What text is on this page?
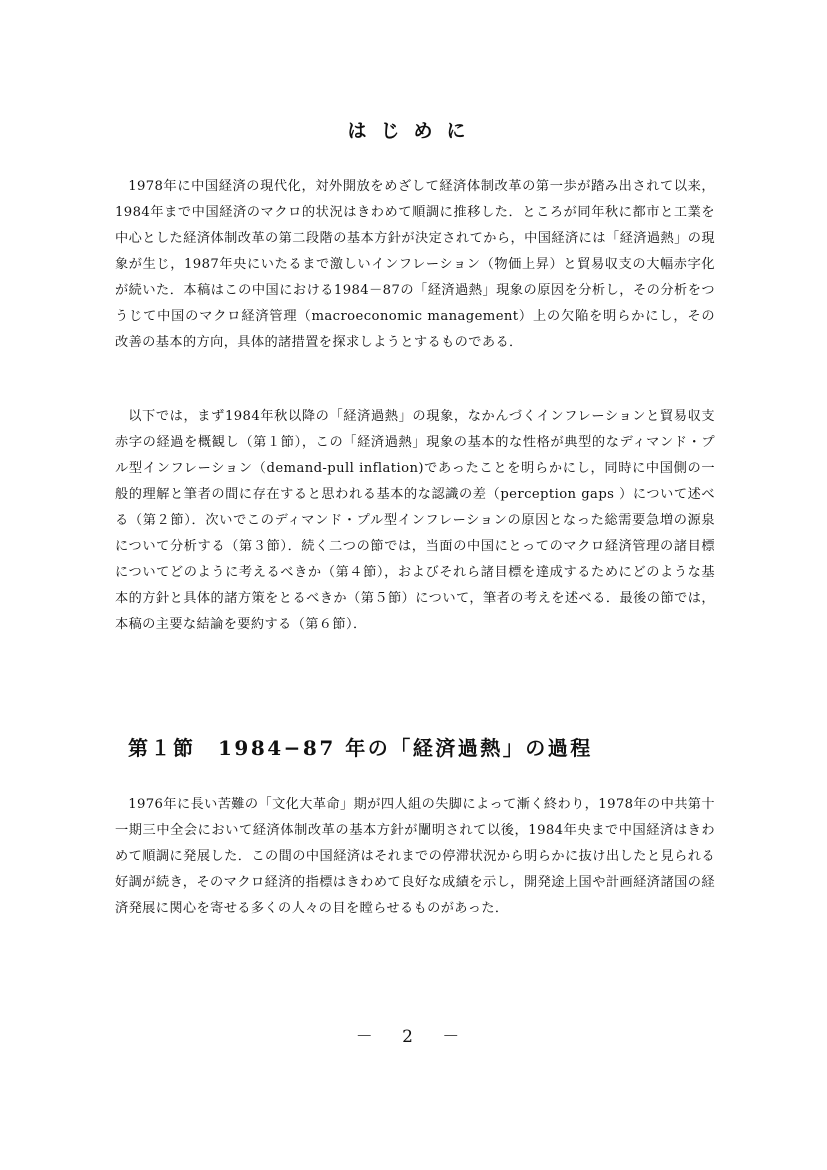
はじめに

1978年に中国経済の現代化，対外開放をめざして経済体制改革の第一歩が踏み出されて以来，1984年まで中国経済のマクロ的状況はきわめて順調に推移した．ところが同年秋に都市と工業を中心とした経済体制改革の第二段階の基本方針が決定されてから，中国経済には「経済過熱」の現象が生じ，1987年央にいたるまで激しいインフレーション（物価上昇）と貿易収支の大幅赤字化が続いた．本稿はこの中国における1984－87の「経済過熱」現象の原因を分析し，その分析をつうじて中国のマクロ経済管理（macroeconomic management）上の欠陥を明らかにし，その改善の基本的方向，具体的諸措置を探求しようとするものである．

以下では，まず1984年秋以降の「経済過熱」の現象，なかんづくインフレーションと貿易収支赤字の経過を概観し（第１節），この「経済過熱」現象の基本的な性格が典型的なディマンド・プル型インフレーション（demand-pull inflation)であったことを明らかにし，同時に中国側の一般的理解と筆者の間に存在すると思われる基本的な認識の差（perception gaps ）について述べる（第２節）．次いでこのディマンド・プル型インフレーションの原因となった総需要急増の源泉について分析する（第３節）．続く二つの節では，当面の中国にとってのマクロ経済管理の諸目標についてどのように考えるべきか（第４節），およびそれら諸目標を達成するためにどのような基本的方針と具体的諸方策をとるべきか（第５節）について，筆者の考えを述べる．最後の節では，本稿の主要な結論を要約する（第６節）．

第１節　1984−87 年の「経済過熱」の過程

1976年に長い苦難の「文化大革命」期が四人組の失脚によって漸く終わり，1978年の中共第十一期三中全会において経済体制改革の基本方針が闡明されて以後，1984年央まで中国経済はきわめて順調に発展した．この間の中国経済はそれまでの停滞状況から明らかに抜け出したと見られる好調が続き，そのマクロ経済的指標はきわめて良好な成績を示し，開発途上国や計画経済諸国の経済発展に関心を寄せる多くの人々の目を瞠らせるものがあった．

－ 2 －
